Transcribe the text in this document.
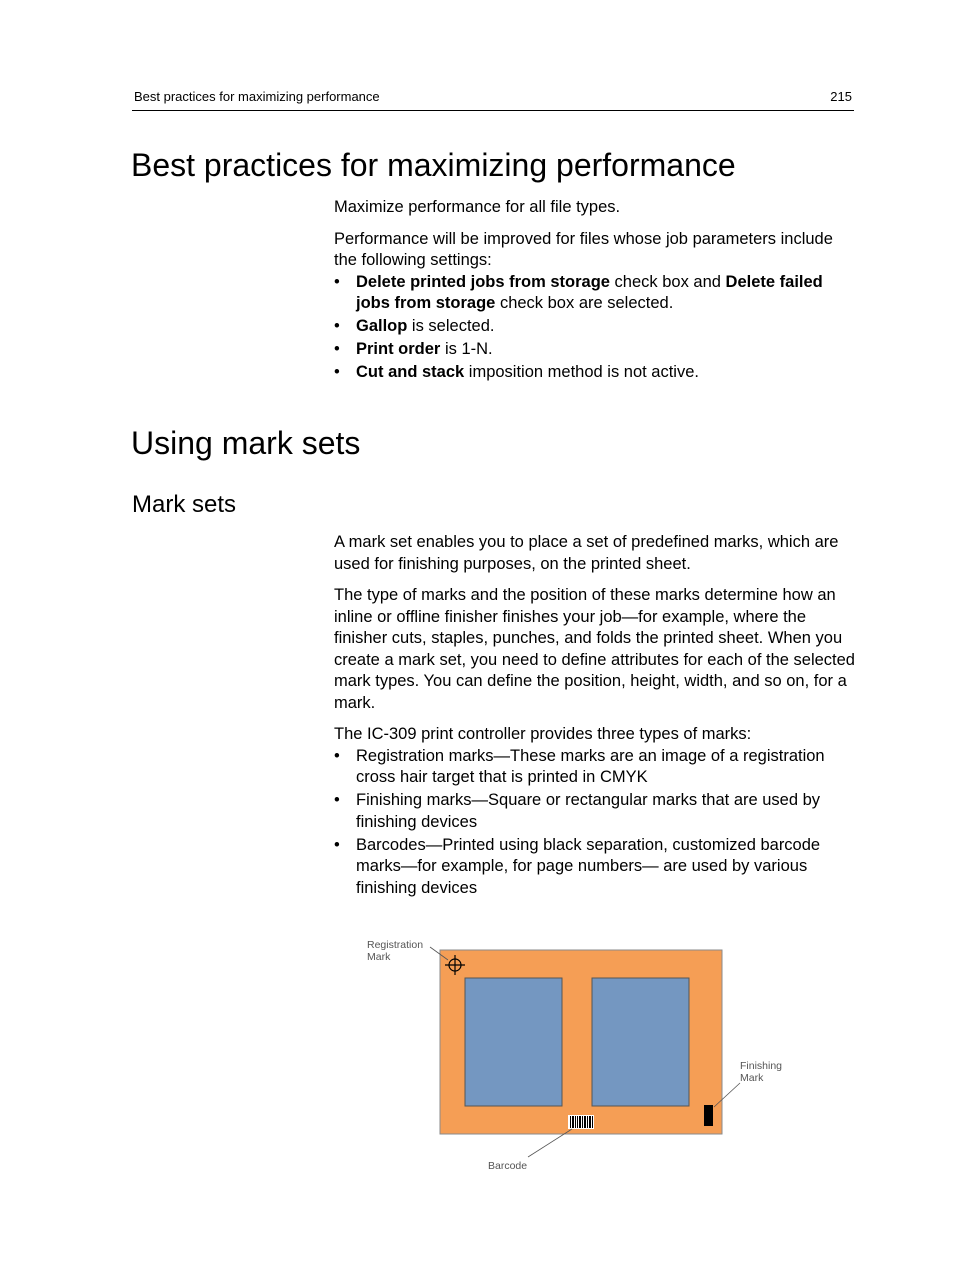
Best practices for maximizing performance	215
Best practices for maximizing performance

Maximize performance for all file types.

Performance will be improved for files whose job parameters include the following settings:

• Delete printed jobs from storage check box and Delete failed jobs from storage check box are selected.
• Gallop is selected.
• Print order is 1-N.
• Cut and stack imposition method is not active.
Using mark sets
Mark sets

A mark set enables you to place a set of predefined marks, which are used for finishing purposes, on the printed sheet.

The type of marks and the position of these marks determine how an inline or offline finisher finishes your job—for example, where the finisher cuts, staples, punches, and folds the printed sheet. When you create a mark set, you need to define attributes for each of the selected mark types. You can define the position, height, width, and so on, for a mark.

The IC-309 print controller provides three types of marks:

• Registration marks—These marks are an image of a registration cross hair target that is printed in CMYK
• Finishing marks—Square or rectangular marks that are used by finishing devices
• Barcodes—Printed using black separation, customized barcode marks—for example, for page numbers— are used by various finishing devices
Registration
Mark
Finishing
Mark
Barcode
